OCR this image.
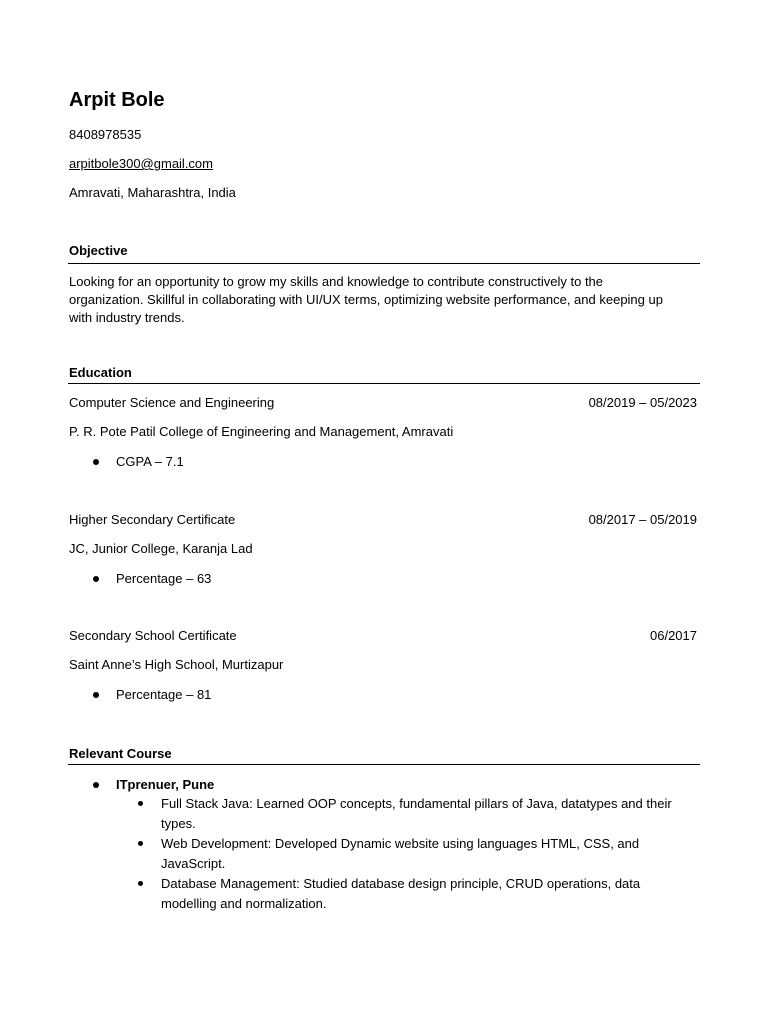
Arpit Bole
8408978535
arpitbole300@gmail.com
Amravati, Maharashtra, India
Objective
Looking for an opportunity to grow my skills and knowledge to contribute constructively to the organization. Skillful in collaborating with UI/UX terms, optimizing website performance, and keeping up with industry trends.
Education
Computer Science and Engineering	08/2019 – 05/2023
P. R. Pote Patil College of Engineering and Management, Amravati
CGPA – 7.1
Higher Secondary Certificate	08/2017 – 05/2019
JC, Junior College, Karanja Lad
Percentage – 63
Secondary School Certificate	06/2017
Saint Anne’s High School, Murtizapur
Percentage – 81
Relevant Course
ITprenuer, Pune
Full Stack Java: Learned OOP concepts, fundamental pillars of Java, datatypes and their types.
Web Development: Developed Dynamic website using languages HTML, CSS, and JavaScript.
Database Management: Studied database design principle, CRUD operations, data modelling and normalization.
